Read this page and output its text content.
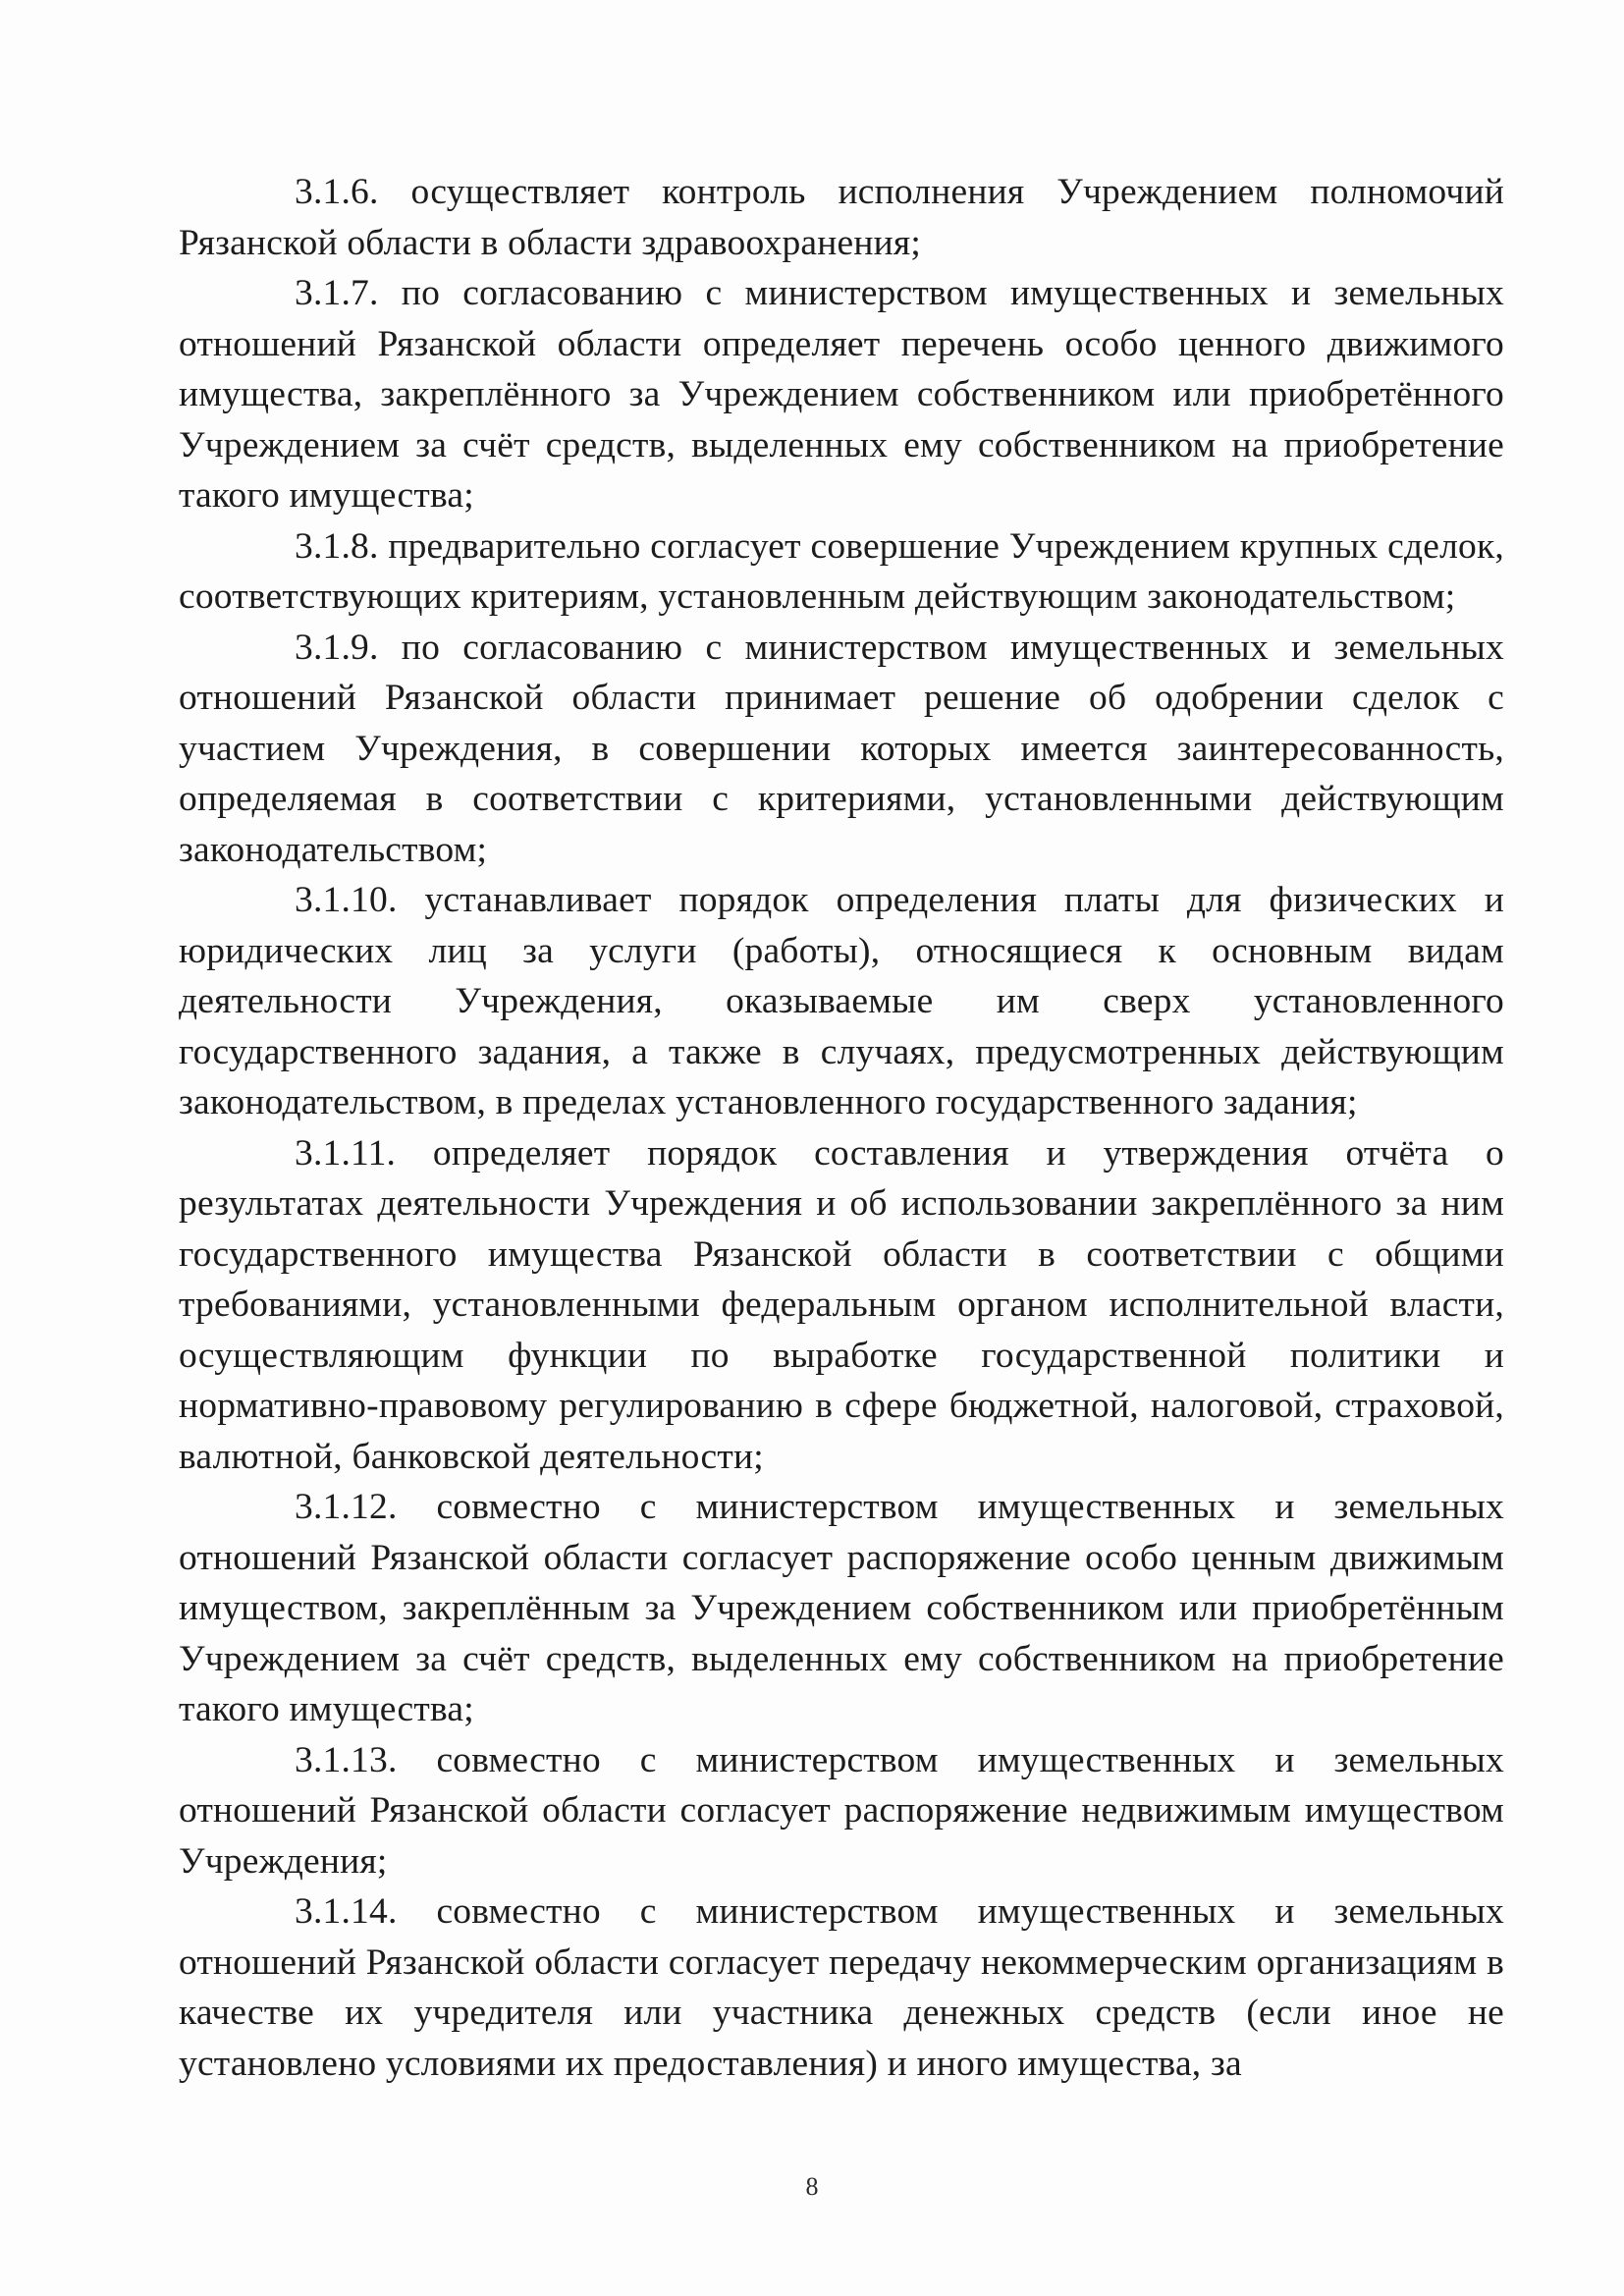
3.1.6. осуществляет контроль исполнения Учреждением полномочий Рязанской области в области здравоохранения;

3.1.7. по согласованию с министерством имущественных и земельных отношений Рязанской области определяет перечень особо ценного движимого имущества, закреплённого за Учреждением собственником или приобретённого Учреждением за счёт средств, выделенных ему собственником на приобретение такого имущества;

3.1.8. предварительно согласует совершение Учреждением крупных сделок, соответствующих критериям, установленным действующим законодательством;

3.1.9. по согласованию с министерством имущественных и земельных отношений Рязанской области принимает решение об одобрении сделок с участием Учреждения, в совершении которых имеется заинтересованность, определяемая в соответствии с критериями, установленными действующим законодательством;

3.1.10. устанавливает порядок определения платы для физических и юридических лиц за услуги (работы), относящиеся к основным видам деятельности Учреждения, оказываемые им сверх установленного государственного задания, а также в случаях, предусмотренных действующим законодательством, в пределах установленного государственного задания;

3.1.11. определяет порядок составления и утверждения отчёта о результатах деятельности Учреждения и об использовании закреплённого за ним государственного имущества Рязанской области в соответствии с общими требованиями, установленными федеральным органом исполнительной власти, осуществляющим функции по выработке государственной политики и нормативно-правовому регулированию в сфере бюджетной, налоговой, страховой, валютной, банковской деятельности;

3.1.12. совместно с министерством имущественных и земельных отношений Рязанской области согласует распоряжение особо ценным движимым имуществом, закреплённым за Учреждением собственником или приобретённым Учреждением за счёт средств, выделенных ему собственником на приобретение такого имущества;

3.1.13. совместно с министерством имущественных и земельных отношений Рязанской области согласует распоряжение недвижимым имуществом Учреждения;

3.1.14. совместно с министерством имущественных и земельных отношений Рязанской области согласует передачу некоммерческим организациям в качестве их учредителя или участника денежных средств (если иное не установлено условиями их предоставления) и иного имущества, за

8
